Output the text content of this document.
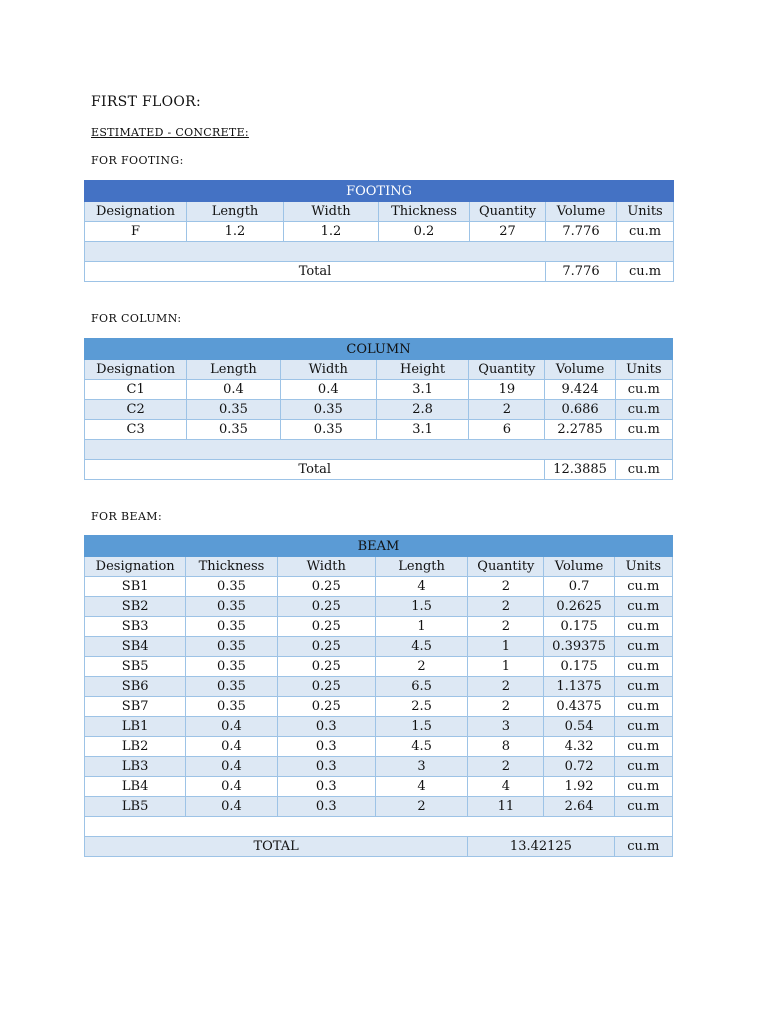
FIRST FLOOR:

ESTIMATED - CONCRETE:

FOR FOOTING:

FOOTING						
Designation	Length	Width	Thickness	Quantity	Volume	Units
F	1.2	1.2	0.2	27	7.776	cu.m

Total					7.776	cu.m

FOR COLUMN:

COLUMN						
Designation	Length	Width	Height	Quantity	Volume	Units
C1	0.4	0.4	3.1	19	9.424	cu.m
C2	0.35	0.35	2.8	2	0.686	cu.m
C3	0.35	0.35	3.1	6	2.2785	cu.m

Total					12.3885	cu.m

FOR BEAM:

BEAM						
Designation	Thickness	Width	Length	Quantity	Volume	Units
SB1	0.35	0.25	4	2	0.7	cu.m
SB2	0.35	0.25	1.5	2	0.2625	cu.m
SB3	0.35	0.25	1	2	0.175	cu.m
SB4	0.35	0.25	4.5	1	0.39375	cu.m
SB5	0.35	0.25	2	1	0.175	cu.m
SB6	0.35	0.25	6.5	2	1.1375	cu.m
SB7	0.35	0.25	2.5	2	0.4375	cu.m
LB1	0.4	0.3	1.5	3	0.54	cu.m
LB2	0.4	0.3	4.5	8	4.32	cu.m
LB3	0.4	0.3	3	2	0.72	cu.m
LB4	0.4	0.3	4	4	1.92	cu.m
LB5	0.4	0.3	2	11	2.64	cu.m

TOTAL				13.42125		cu.m
